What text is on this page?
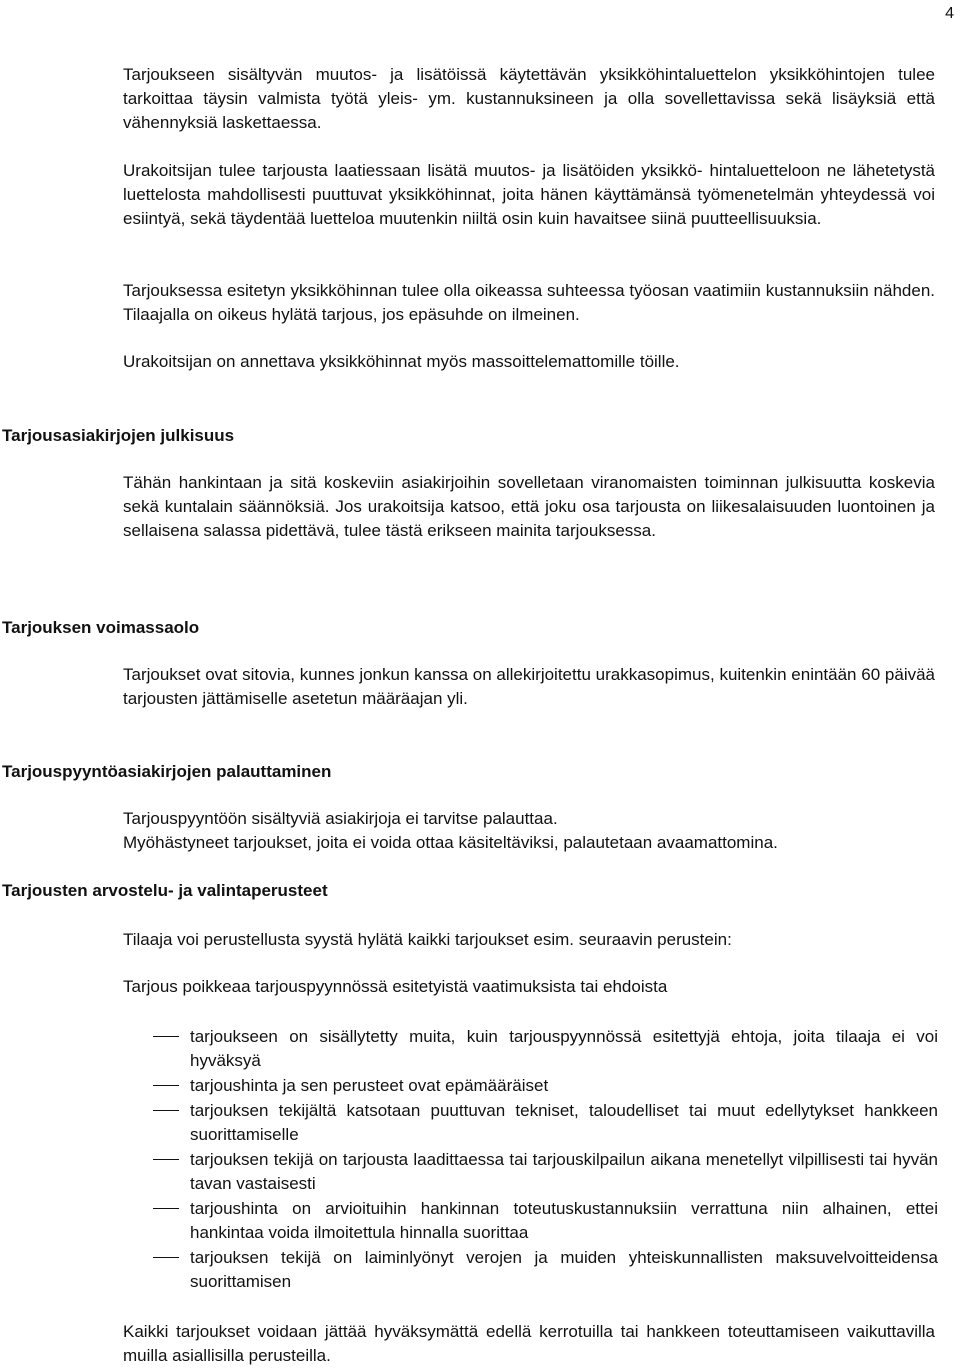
4

Tarjoukseen sisältyvän muutos- ja lisätöissä käytettävän yksikköhintaluettelon yksikköhintojen tulee tarkoittaa täysin valmista työtä yleis- ym. kustannuksineen ja olla sovellettavissa sekä lisäyksiä että vähennyksiä laskettaessa.

Urakoitsijan tulee tarjousta laatiessaan lisätä muutos- ja lisätöiden yksikkö- hintaluetteloon ne lähetetystä luettelosta mahdollisesti puuttuvat yksikköhinnat, joita hänen käyttämänsä työmenetelmän yhteydessä voi esiintyä, sekä täydentää luetteloa muutenkin niiltä osin kuin havaitsee siinä puutteellisuuksia.

Tarjouksessa esitetyn yksikköhinnan tulee olla oikeassa suhteessa työosan vaatimiin kustannuksiin nähden. Tilaajalla on oikeus hylätä tarjous, jos epäsuhde on ilmeinen.

Urakoitsijan on annettava yksikköhinnat myös massoittelemattomille töille.

Tarjousasiakirjojen julkisuus

Tähän hankintaan ja sitä koskeviin asiakirjoihin sovelletaan viranomaisten toiminnan julkisuutta koskevia sekä kuntalain säännöksiä. Jos urakoitsija katsoo, että joku osa tarjousta on liikesalaisuuden luontoinen ja sellaisena salassa pidettävä, tulee tästä erikseen mainita tarjouksessa.

Tarjouksen voimassaolo

Tarjoukset ovat sitovia, kunnes jonkun kanssa on allekirjoitettu urakkasopimus, kuitenkin enintään 60 päivää tarjousten jättämiselle asetetun määräajan yli.

Tarjouspyyntöasiakirjojen palauttaminen

Tarjouspyyntöön sisältyviä asiakirjoja ei tarvitse palauttaa.

Myöhästyneet tarjoukset, joita ei voida ottaa käsiteltäviksi, palautetaan avaamattomina.

Tarjousten arvostelu- ja valintaperusteet

Tilaaja voi perustellusta syystä hylätä kaikki tarjoukset esim. seuraavin perustein:

Tarjous poikkeaa tarjouspyynnössä esitetyistä vaatimuksista tai ehdoista

tarjoukseen on sisällytetty muita, kuin tarjouspyynnössä esitettyjä ehtoja, joita tilaaja ei voi hyväksyä
tarjoushinta ja sen perusteet ovat epämääräiset
tarjouksen tekijältä katsotaan puuttuvan tekniset, taloudelliset tai muut edellytykset hankkeen suorittamiselle
tarjouksen tekijä on tarjousta laadittaessa tai tarjouskilpailun aikana menetellyt vilpillisesti tai hyvän tavan vastaisesti
tarjoushinta on arvioituihin hankinnan toteutuskustannuksiin verrattuna niin alhainen, ettei hankintaa voida ilmoitettula hinnalla suorittaa
tarjouksen tekijä on laiminlyönyt verojen ja muiden yhteiskunnallisten maksuvelvoitteidensa suorittamisen

Kaikki tarjoukset voidaan jättää hyväksymättä edellä kerrotuilla tai hankkeen toteuttamiseen vaikuttavilla muilla asiallisilla perusteilla.
